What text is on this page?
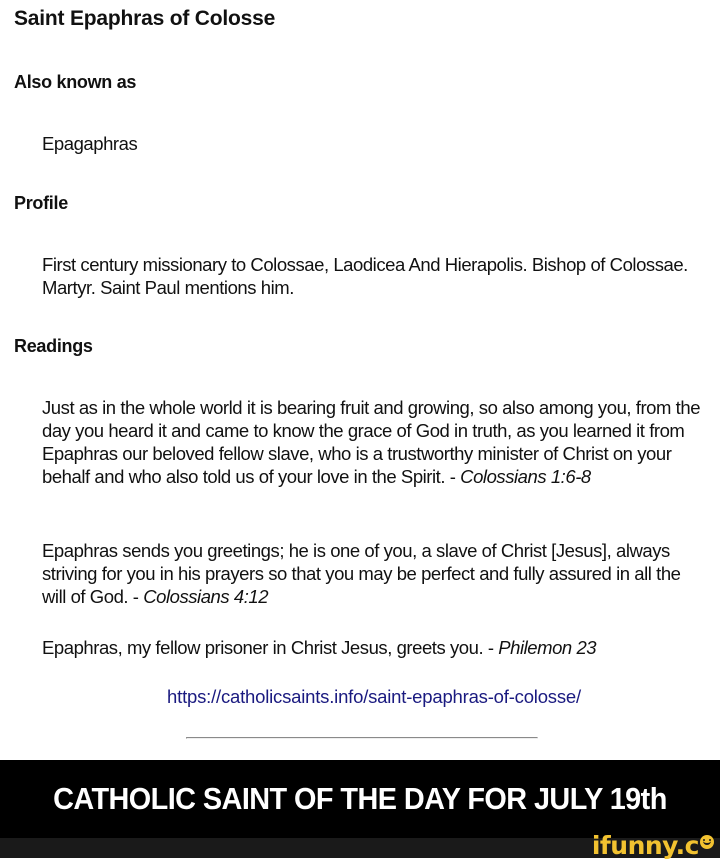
Saint Epaphras of Colosse
Also known as

Epagaphras

Profile

First century missionary to Colossae, Laodicea And Hierapolis. Bishop of Colossae. Martyr. Saint Paul mentions him.

Readings

Just as in the whole world it is bearing fruit and growing, so also among you, from the day you heard it and came to know the grace of God in truth, as you learned it from Epaphras our beloved fellow slave, who is a trustworthy minister of Christ on your behalf and who also told us of your love in the Spirit. - Colossians 1:6-8

Epaphras sends you greetings; he is one of you, a slave of Christ [Jesus], always striving for you in his prayers so that you may be perfect and fully assured in all the will of God. - Colossians 4:12

Epaphras, my fellow prisoner in Christ Jesus, greets you. - Philemon 23

https://catholicsaints.info/saint-epaphras-of-colosse/
CATHOLIC SAINT OF THE DAY FOR JULY 19th
ifunny.c
